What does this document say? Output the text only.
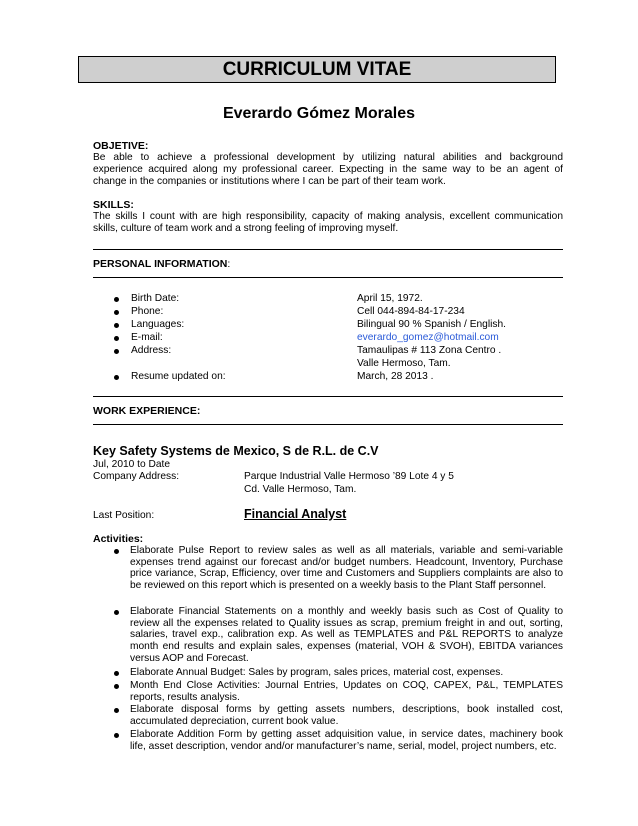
CURRICULUM VITAE
Everardo Gómez Morales
OBJETIVE:
Be able to achieve a professional development by utilizing natural abilities and background
experience acquired along my professional career. Expecting in the same way to be an agent of
change in the companies or institutions where I can be part of their team work.
SKILLS:
The skills I count with are high responsibility, capacity of making analysis, excellent communication
skills, culture of team work and a strong feeling of improving myself.
PERSONAL INFORMATION:
Birth Date:	April 15, 1972.
Phone:	Cell 044-894-84-17-234
Languages:	Bilingual 90 % Spanish / English.
E-mail:	everardo_gomez@hotmail.com
Address:	Tamaulipas # 113 Zona Centro .
Valle Hermoso, Tam.
Resume updated on:	March, 28 2013 .
WORK EXPERIENCE:
Key Safety Systems de Mexico, S de R.L. de C.V
Jul, 2010 to Date
Company Address:	Parque Industrial Valle Hermoso ’89 Lote 4 y 5
Cd. Valle Hermoso, Tam.
Last Position:	Financial Analyst
Activities:
Elaborate Pulse Report to review sales as well as all materials, variable and semi-variable expenses trend against our forecast and/or budget numbers. Headcount, Inventory, Purchase price variance, Scrap, Efficiency, over time and Customers and Suppliers complaints are also to be reviewed on this report which is presented on a weekly basis to the Plant Staff personnel.
Elaborate Financial Statements on a monthly and weekly basis such as Cost of Quality to review all the expenses related to Quality issues as scrap, premium freight in and out, sorting, salaries, travel exp., calibration exp. As well as TEMPLATES and P&L REPORTS to analyze month end results and explain sales, expenses (material, VOH & SVOH), EBITDA variances versus AOP and Forecast.
Elaborate Annual Budget: Sales by program, sales prices, material cost, expenses.
Month End Close Activities: Journal Entries, Updates on COQ, CAPEX, P&L, TEMPLATES reports, results analysis.
Elaborate disposal forms by getting assets numbers, descriptions, book installed cost, accumulated depreciation, current book value.
Elaborate Addition Form by getting asset adquisition value, in service dates, machinery book life, asset description, vendor and/or manufacturer’s name, serial, model, project numbers, etc.
